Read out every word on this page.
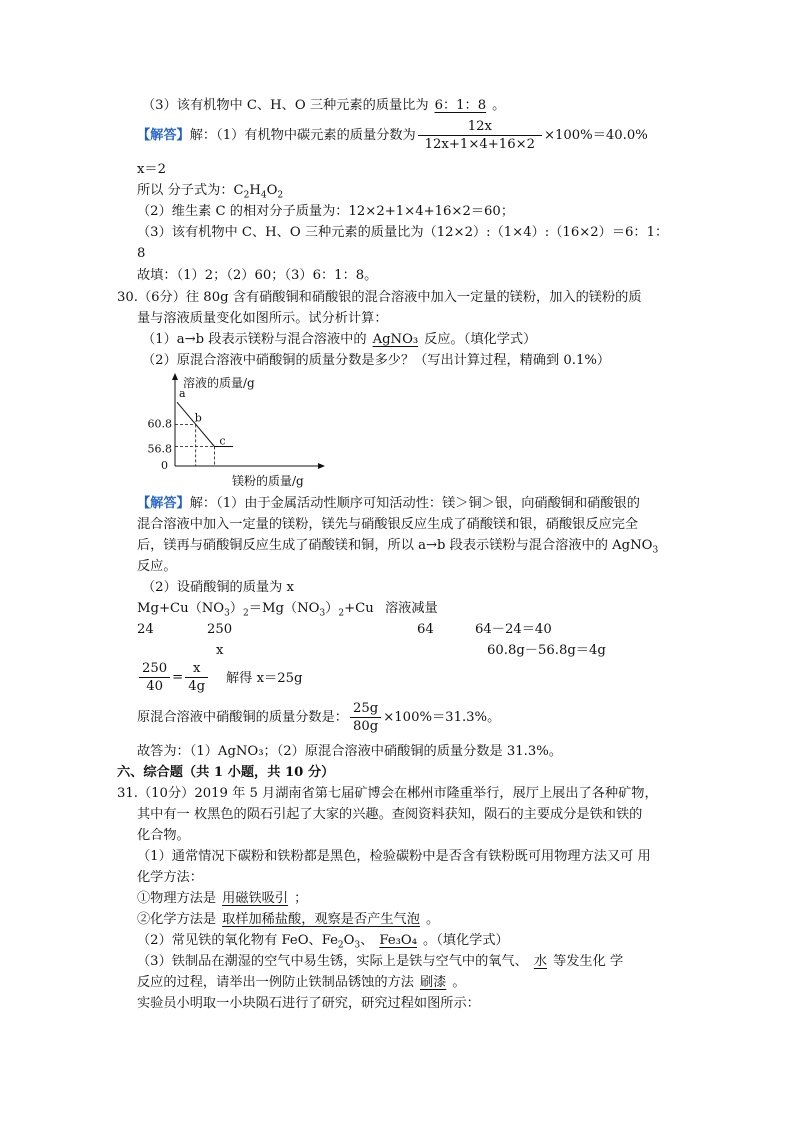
（3）该有机物中 C、H、O 三种元素的质量比为 6：1：8 。
【解答】解：（1）有机物中碳元素的质量分数为 $\frac{12x}{12x+1\times 4+16\times 2} \times 100\%=40.0\%$
x＝2
所以 分子式为：$C_2H_4O_2$
（2）维生素 C 的相对分子质量为：12×2+1×4+16×2＝60；
（3）该有机物中 C、H、O 三种元素的质量比为（12×2）:（1×4）:（16×2）＝6：1：
8
故填：（1）2；（2）60；（3）6：1：8。
30.（6分）往 80g 含有硝酸铜和硝酸银的混合溶液中加入一定量的镁粉，加入的镁粉的质
量与溶液质量变化如图所示。试分析计算：
（1）a→b 段表示镁粉与混合溶液中的 AgNO₃ 反应。（填化学式）
（2）原混合溶液中硝酸铜的质量分数是多少？（写出计算过程，精确到 0.1%）
溶液的质量/g
镁粉的质量/g
0
60.8
56.8
a
b
c
【解答】解：（1）由于金属活动性顺序可知活动性：镁＞铜＞银，向硝酸铜和硝酸银的
混合溶液中加入一定量的镁粉，镁先与硝酸银反应生成了硝酸镁和银，硝酸银反应完全
后，镁再与硝酸铜反应生成了硝酸镁和铜，所以 a→b 段表示镁粉与混合溶液中的 AgNO$_3$
反应。
（2）设硝酸铜的质量为 x
$Mg+Cu(NO_3)_2=Mg(NO_3)_2+Cu$ 溶液减量
24	250	64	64－24＝40
x	60.8g－56.8g＝4g
$\frac{250}{40} = \frac{x}{4g}$ 解得 x＝25g
原混合溶液中硝酸铜的质量分数是： $\frac{25g}{80g} \times 100\%=31.3\%$。
故答为：（1）AgNO₃；（2）原混合溶液中硝酸铜的质量分数是 31.3%。
六、综合题（共 1 小题，共 10 分）
31.（10分）2019 年 5 月湖南省第七届矿博会在郴州市隆重举行，展厅上展出了各种矿物，
其中有一 枚黑色的陨石引起了大家的兴趣。查阅资料获知，陨石的主要成分是铁和铁的
化合物。
（1）通常情况下碳粉和铁粉都是黑色，检验碳粉中是否含有铁粉既可用物理方法又可 用
化学方法：
①物理方法是 用磁铁吸引 ；
②化学方法是 取样加稀盐酸，观察是否产生气泡 。
（2）常见铁的氧化物有 FeO、$Fe_2O_3$、 Fe₃O₄ 。（填化学式）
（3）铁制品在潮湿的空气中易生锈，实际上是铁与空气中的氧气、 水 等发生化 学
反应的过程，请举出一例防止铁制品锈蚀的方法 刷漆 。
实验员小明取一小块陨石进行了研究，研究过程如图所示：
